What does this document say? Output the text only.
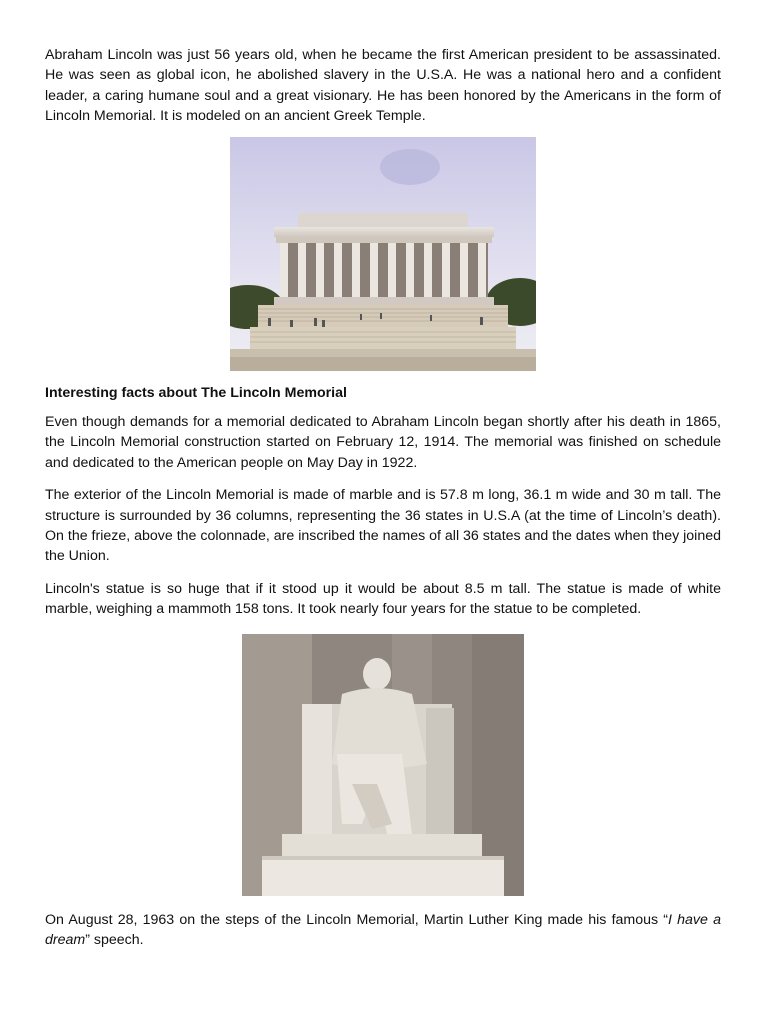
Abraham Lincoln was just 56 years old, when he became the first American president to be assassinated. He was seen as global icon, he abolished slavery in the U.S.A. He was a national hero and a confident leader, a caring humane soul and a great visionary. He has been honored by the Americans in the form of Lincoln Memorial. It is modeled on an ancient Greek Temple.

Interesting facts about The Lincoln Memorial

Even though demands for a memorial dedicated to Abraham Lincoln began shortly after his death in 1865, the Lincoln Memorial construction started on February 12, 1914. The memorial was finished on schedule and dedicated to the American people on May Day in 1922.

The exterior of the Lincoln Memorial is made of marble and is 57.8 m long, 36.1 m wide and 30 m tall. The structure is surrounded by 36 columns, representing the 36 states in U.S.A (at the time of Lincoln’s death). On the frieze, above the colonnade, are inscribed the names of all 36 states and the dates when they joined the Union.

Lincoln's statue is so huge that if it stood up it would be about 8.5 m tall. The statue is made of white marble, weighing a mammoth 158 tons. It took nearly four years for the statue to be completed.

On August 28, 1963 on the steps of the Lincoln Memorial, Martin Luther King made his famous “I have a dream” speech.
